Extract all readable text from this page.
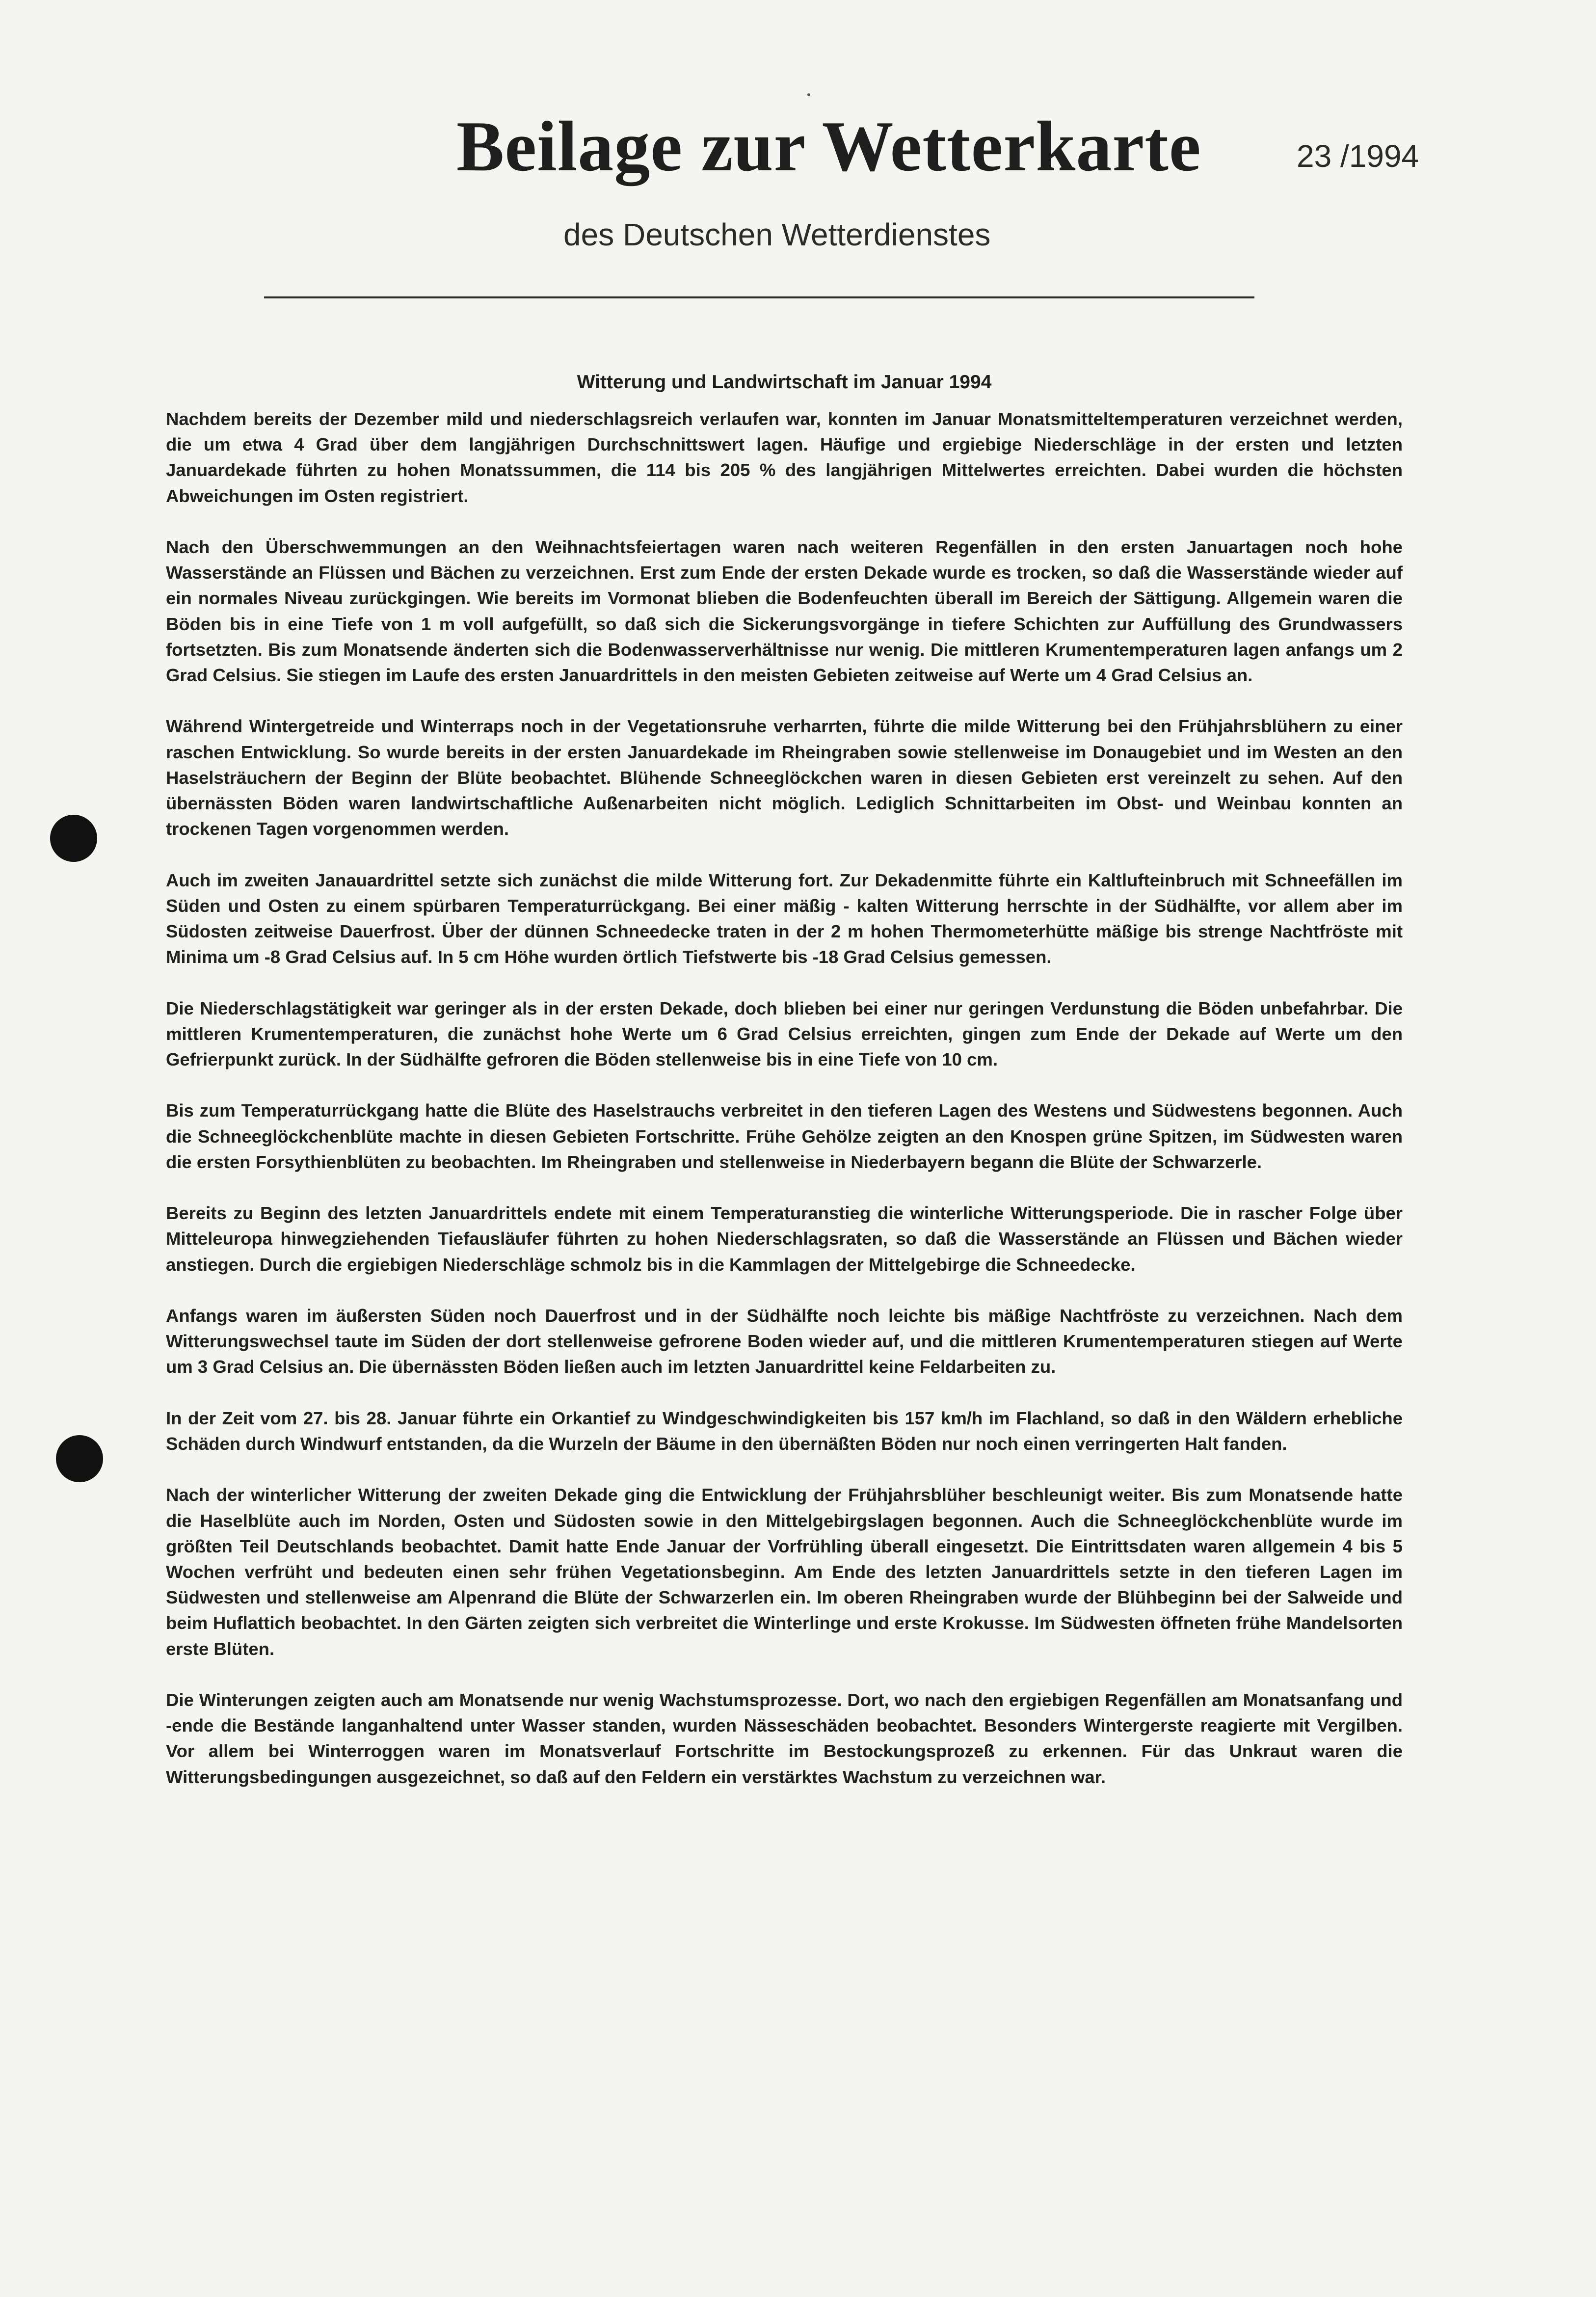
Beilage zur Wetterkarte	23 /1994
des Deutschen Wetterdienstes
Witterung und Landwirtschaft im Januar 1994

Nachdem bereits der Dezember mild und niederschlagsreich verlaufen war, konnten im Januar Monatsmitteltemperaturen verzeichnet werden, die um etwa 4 Grad über dem langjährigen Durchschnittswert lagen. Häufige und ergiebige Niederschläge in der ersten und letzten Januardekade führten zu hohen Monatssummen, die 114 bis 205 % des langjährigen Mittelwertes erreichten. Dabei wurden die höchsten Abweichungen im Osten registriert.

Nach den Überschwemmungen an den Weihnachtsfeiertagen waren nach weiteren Regenfällen in den ersten Januartagen noch hohe Wasserstände an Flüssen und Bächen zu verzeichnen. Erst zum Ende der ersten Dekade wurde es trocken, so daß die Wasserstände wieder auf ein normales Niveau zurückgingen. Wie bereits im Vormonat blieben die Bodenfeuchten überall im Bereich der Sättigung. Allgemein waren die Böden bis in eine Tiefe von 1 m voll aufgefüllt, so daß sich die Sickerungsvorgänge in tiefere Schichten zur Auffüllung des Grundwassers fortsetzten. Bis zum Monatsende änderten sich die Bodenwasserverhältnisse nur wenig. Die mittleren Krumentemperaturen lagen anfangs um 2 Grad Celsius. Sie stiegen im Laufe des ersten Januardrittels in den meisten Gebieten zeitweise auf Werte um 4 Grad Celsius an.

Während Wintergetreide und Winterraps noch in der Vegetationsruhe verharrten, führte die milde Witterung bei den Frühjahrsblühern zu einer raschen Entwicklung. So wurde bereits in der ersten Januardekade im Rheingraben sowie stellenweise im Donaugebiet und im Westen an den Haselsträuchern der Beginn der Blüte beobachtet. Blühende Schneeglöckchen waren in diesen Gebieten erst vereinzelt zu sehen. Auf den übernässten Böden waren landwirtschaftliche Außenarbeiten nicht möglich. Lediglich Schnittarbeiten im Obst- und Weinbau konnten an trockenen Tagen vorgenommen werden.

Auch im zweiten Janauardrittel setzte sich zunächst die milde Witterung fort. Zur Dekadenmitte führte ein Kaltlufteinbruch mit Schneefällen im Süden und Osten zu einem spürbaren Temperaturrückgang. Bei einer mäßig - kalten Witterung herrschte in der Südhälfte, vor allem aber im Südosten zeitweise Dauerfrost. Über der dünnen Schneedecke traten in der 2 m hohen Thermometerhütte mäßige bis strenge Nachtfröste mit Minima um -8 Grad Celsius auf. In 5 cm Höhe wurden örtlich Tiefstwerte bis -18 Grad Celsius gemessen.

Die Niederschlagstätigkeit war geringer als in der ersten Dekade, doch blieben bei einer nur geringen Verdunstung die Böden unbefahrbar. Die mittleren Krumentemperaturen, die zunächst hohe Werte um 6 Grad Celsius erreichten, gingen zum Ende der Dekade auf Werte um den Gefrierpunkt zurück. In der Südhälfte gefroren die Böden stellenweise bis in eine Tiefe von 10 cm.

Bis zum Temperaturrückgang hatte die Blüte des Haselstrauchs verbreitet in den tieferen Lagen des Westens und Südwestens begonnen. Auch die Schneeglöckchenblüte machte in diesen Gebieten Fortschritte. Frühe Gehölze zeigten an den Knospen grüne Spitzen, im Südwesten waren die ersten Forsythienblüten zu beobachten. Im Rheingraben und stellenweise in Niederbayern begann die Blüte der Schwarzerle.

Bereits zu Beginn des letzten Januardrittels endete mit einem Temperaturanstieg die winterliche Witterungsperiode. Die in rascher Folge über Mitteleuropa hinwegziehenden Tiefausläufer führten zu hohen Niederschlagsraten, so daß die Wasserstände an Flüssen und Bächen wieder anstiegen. Durch die ergiebigen Niederschläge schmolz bis in die Kammlagen der Mittelgebirge die Schneedecke.

Anfangs waren im äußersten Süden noch Dauerfrost und in der Südhälfte noch leichte bis mäßige Nachtfröste zu verzeichnen. Nach dem Witterungswechsel taute im Süden der dort stellenweise gefrorene Boden wieder auf, und die mittleren Krumentemperaturen stiegen auf Werte um 3 Grad Celsius an. Die übernässten Böden ließen auch im letzten Januardrittel keine Feldarbeiten zu.

In der Zeit vom 27. bis 28. Januar führte ein Orkantief zu Windgeschwindigkeiten bis 157 km/h im Flachland, so daß in den Wäldern erhebliche Schäden durch Windwurf entstanden, da die Wurzeln der Bäume in den übernäßten Böden nur noch einen verringerten Halt fanden.

Nach der winterlicher Witterung der zweiten Dekade ging die Entwicklung der Frühjahrsblüher beschleunigt weiter. Bis zum Monatsende hatte die Haselblüte auch im Norden, Osten und Südosten sowie in den Mittelgebirgslagen begonnen. Auch die Schneeglöckchenblüte wurde im größten Teil Deutschlands beobachtet. Damit hatte Ende Januar der Vorfrühling überall eingesetzt. Die Eintrittsdaten waren allgemein 4 bis 5 Wochen verfrüht und bedeuten einen sehr frühen Vegetationsbeginn. Am Ende des letzten Januardrittels setzte in den tieferen Lagen im Südwesten und stellenweise am Alpenrand die Blüte der Schwarzerlen ein. Im oberen Rheingraben wurde der Blühbeginn bei der Salweide und beim Huflattich beobachtet. In den Gärten zeigten sich verbreitet die Winterlinge und erste Krokusse. Im Südwesten öffneten frühe Mandelsorten erste Blüten.

Die Winterungen zeigten auch am Monatsende nur wenig Wachstumsprozesse. Dort, wo nach den ergiebigen Regenfällen am Monatsanfang und -ende die Bestände langanhaltend unter Wasser standen, wurden Nässeschäden beobachtet. Besonders Wintergerste reagierte mit Vergilben. Vor allem bei Winterroggen waren im Monatsverlauf Fortschritte im Bestockungsprozeß zu erkennen. Für das Unkraut waren die Witterungsbedingungen ausgezeichnet, so daß auf den Feldern ein verstärktes Wachstum zu verzeichnen war.
